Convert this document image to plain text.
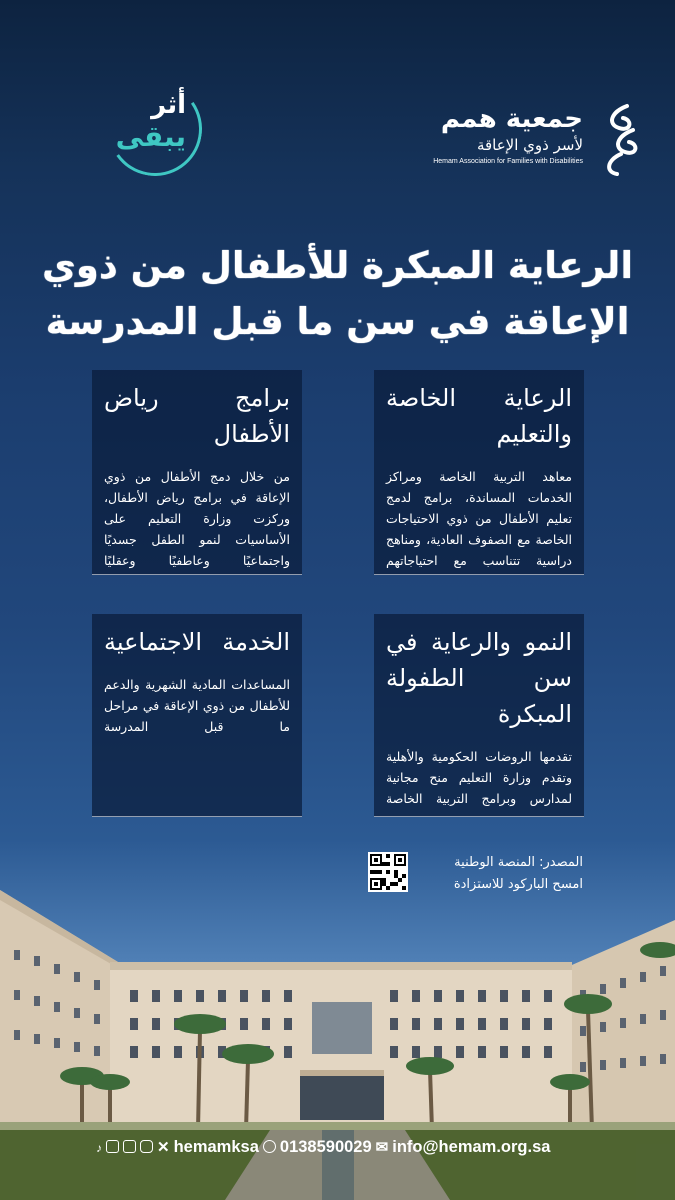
أثر
يبقى
جمعية همم
لأسر ذوي الإعاقة
Hemam Association for Families with Disabilities
الرعاية المبكرة للأطفال من ذوي
الإعاقة في سن ما قبل المدرسة
الرعاية الخاصة والتعليم

معاهد التربية الخاصة ومراكز الخدمات المساندة، برامج لدمج تعليم الأطفال من ذوي الاحتياجات الخاصة مع الصفوف العادية، ومناهج دراسية تتناسب مع احتياجاتهم

برامج رياض الأطفال

من خلال دمج الأطفال من ذوي الإعاقة في برامج رياض الأطفال، وركزت وزارة التعليم على الأساسيات لنمو الطفل جسديًا واجتماعيًا وعاطفيًا وعقليًا

النمو والرعاية في سن الطفولة المبكرة

تقدمها الروضات الحكومية والأهلية وتقدم وزارة التعليم منح مجانية لمدارس وبرامج التربية الخاصة

الخدمة الاجتماعية

المساعدات المادية الشهرية والدعم للأطفال من ذوي الإعاقة في مراحل ما قبل المدرسة

المصدر: المنصة الوطنية
امسح الباركود للاستزادة
♪	✕ hemamksa 0138590029 ✉ info@hemam.org.sa
